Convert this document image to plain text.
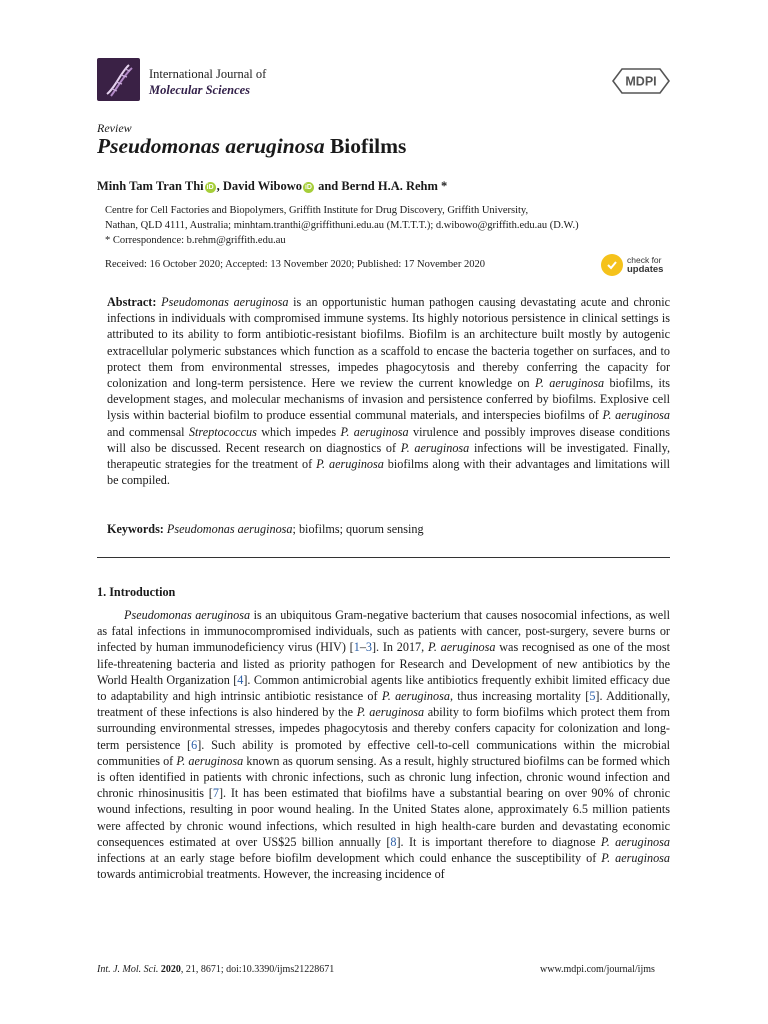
International Journal of
Molecular Sciences
MDPI
Review
Pseudomonas aeruginosa Biofilms
Minh Tam Tran Thi iD , David Wibowo iD and Bernd H.A. Rehm *
Centre for Cell Factories and Biopolymers, Griffith Institute for Drug Discovery, Griffith University,
Nathan, QLD 4111, Australia; minhtam.tranthi@griffithuni.edu.au (M.T.T.T.); d.wibowo@griffith.edu.au (D.W.)
* Correspondence: b.rehm@griffith.edu.au
Received: 16 October 2020; Accepted: 13 November 2020; Published: 17 November 2020	check for
updates
Abstract: Pseudomonas aeruginosa is an opportunistic human pathogen causing devastating acute and chronic infections in individuals with compromised immune systems. Its highly notorious persistence in clinical settings is attributed to its ability to form antibiotic-resistant biofilms. Biofilm is an architecture built mostly by autogenic extracellular polymeric substances which function as a scaffold to encase the bacteria together on surfaces, and to protect them from environmental stresses, impedes phagocytosis and thereby conferring the capacity for colonization and long-term persistence. Here we review the current knowledge on P. aeruginosa biofilms, its development stages, and molecular mechanisms of invasion and persistence conferred by biofilms. Explosive cell lysis within bacterial biofilm to produce essential communal materials, and interspecies biofilms of P. aeruginosa and commensal Streptococcus which impedes P. aeruginosa virulence and possibly improves disease conditions will also be discussed. Recent research on diagnostics of P. aeruginosa infections will be investigated. Finally, therapeutic strategies for the treatment of P. aeruginosa biofilms along with their advantages and limitations will be compiled.
Keywords: Pseudomonas aeruginosa; biofilms; quorum sensing
1. Introduction
Pseudomonas aeruginosa is an ubiquitous Gram-negative bacterium that causes nosocomial infections, as well as fatal infections in immunocompromised individuals, such as patients with cancer, post-surgery, severe burns or infected by human immunodeficiency virus (HIV) [1–3]. In 2017, P. aeruginosa was recognised as one of the most life-threatening bacteria and listed as priority pathogen for Research and Development of new antibiotics by the World Health Organization [4]. Common antimicrobial agents like antibiotics frequently exhibit limited efficacy due to adaptability and high intrinsic antibiotic resistance of P. aeruginosa, thus increasing mortality [5]. Additionally, treatment of these infections is also hindered by the P. aeruginosa ability to form biofilms which protect them from surrounding environmental stresses, impedes phagocytosis and thereby confers capacity for colonization and long-term persistence [6]. Such ability is promoted by effective cell-to-cell communications within the microbial communities of P. aeruginosa known as quorum sensing. As a result, highly structured biofilms can be formed which is often identified in patients with chronic infections, such as chronic lung infection, chronic wound infection and chronic rhinosinusitis [7]. It has been estimated that biofilms have a substantial bearing on over 90% of chronic wound infections, resulting in poor wound healing. In the United States alone, approximately 6.5 million patients were affected by chronic wound infections, which resulted in high health-care burden and devastating economic consequences estimated at over US$25 billion annually [8]. It is important therefore to diagnose P. aeruginosa infections at an early stage before biofilm development which could enhance the susceptibility of P. aeruginosa towards antimicrobial treatments. However, the increasing incidence of
Int. J. Mol. Sci. 2020, 21, 8671; doi:10.3390/ijms21228671	www.mdpi.com/journal/ijms
